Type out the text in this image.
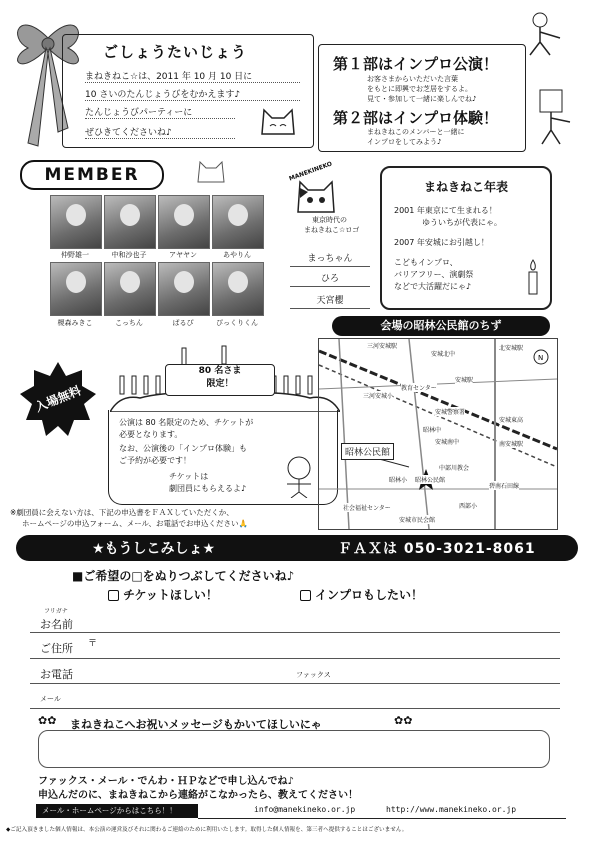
ごしょうたいじょう
まねきねこ☆は、2011 年 10 月 10 日に
10 さいのたんじょうびをむかえます♪
たんじょうびパーティーに
ぜひきてくださいね♪
第１部はインプロ公演！
お客さまからいただいた言葉
をもとに即興でお芝居をするよ。
見て・参加して一緒に楽しんでね♪
第２部はインプロ体験！
まねきねこのメンバーと一緒に
インプロをしてみよう♪
MEMBER
仲野雄一	中和沙也子	アヤヤン	あやりん
榎森みきこ	こっちん	ぱるぴ	ぴっくりくん
MANEKINEKO
東京時代の
まねきねこ☆ロゴ
まっちゃん
ひろ
天宮櫻
まねきねこ年表
2001 年東京にて生まれる！
ゆういちが代表にゃ。
2007 年安城にお引越し！
こどもインプロ、
バリアフリー、演劇祭
などで大活躍だにゃ♪
入場無料
80 名さま
限定！
公演は 80 名限定のため、チケットが
必要となります。
なお、公演後の「インプロ体験」も
ご予約が必要です！
チケットは
劇団員にもらえるよ♪
※劇団員に会えない方は、下記の申込書をＦＡＸしていただくか、
ホームページの申込フォーム、メール、お電話でお申込ください🙏
会場の昭林公民館のちず
N
昭林公民館
三河安城駅	北安城駅
安城駅
南安城駅
三河安城小
教育センター
安城警察署
昭林中
安城南中
安城東高
中部川教会
昭林小 昭林公民館
社会福祉センター
安城市民会館
碧南石田線
安城北中
西部小
★もうしこみしょ★	ＦＡＸは 050-3021-8061
■ご希望の□をぬりつぶしてくださいね♪
チケットほしい！	インプロもしたい！
フリガナ
お名前
ご住所 〒
お電話	ファックス
メール
✿✿ まねきねこへお祝いメッセージもかいてほしいにゃ	✿✿
ファックス・メール・でんわ・ＨＰなどで申し込んでね♪
申込んだのに、まねきねこから連絡がこなかったら、教えてください！
メール・ホームページからはこちら！！	info@manekineko.or.jp	http://www.manekineko.or.jp
◆ご記入頂きました個人情報は、本公演の運営及びそれに関わるご連絡のために利用いたします。取得した個人情報を、第三者へ提供することはございません。
